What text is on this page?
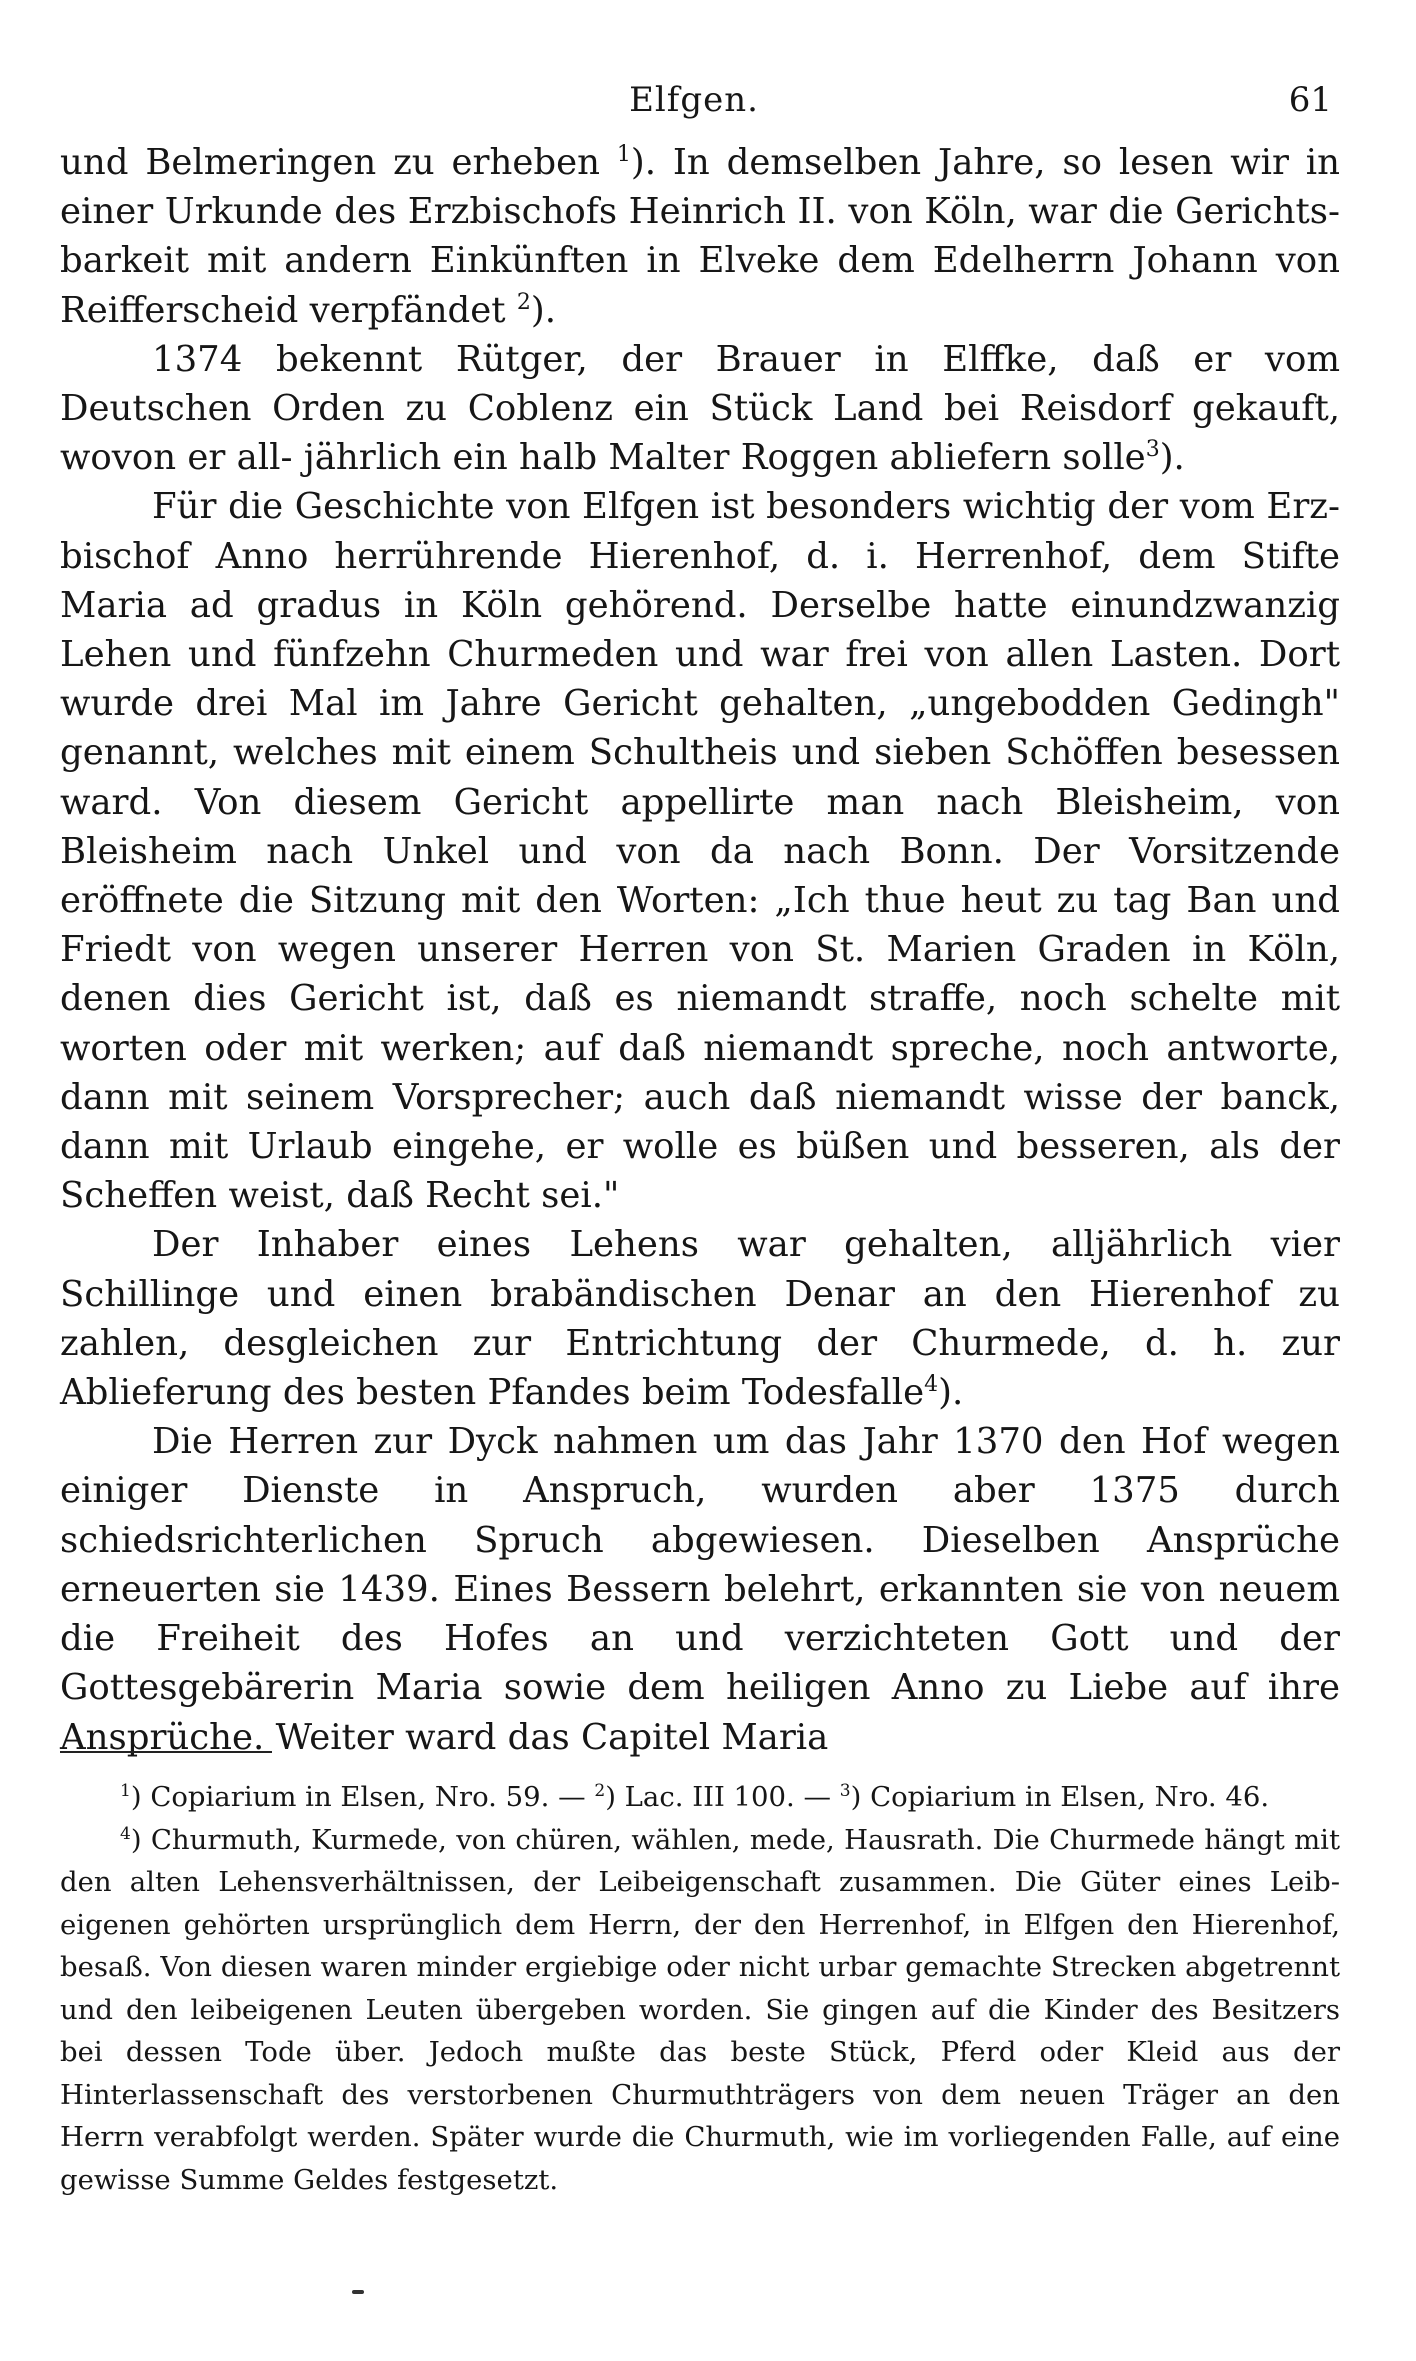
Elfgen.	61

und Belmeringen zu erheben $^1$). In demselben Jahre, so lesen wir in einer Urkunde des Erzbischofs Heinrich II. von Köln, war die Gerichts- barkeit mit andern Einkünften in Elveke dem Edelherrn Johann von Reifferscheid verpfändet $^2$).

1374 bekennt Rütger, der Brauer in Elffke, daß er vom Deutschen Orden zu Coblenz ein Stück Land bei Reisdorf gekauft, wovon er all- jährlich ein halb Malter Roggen abliefern solle$^3$).

Für die Geschichte von Elfgen ist besonders wichtig der vom Erz- bischof Anno herrührende Hierenhof, d. i. Herrenhof, dem Stifte Maria ad gradus in Köln gehörend. Derselbe hatte einundzwanzig Lehen und fünfzehn Churmeden und war frei von allen Lasten. Dort wurde drei Mal im Jahre Gericht gehalten, „ungebodden Gedingh" genannt, welches mit einem Schultheis und sieben Schöffen besessen ward. Von diesem Gericht appellirte man nach Bleisheim, von Bleisheim nach Unkel und von da nach Bonn. Der Vorsitzende eröffnete die Sitzung mit den Worten: „Ich thue heut zu tag Ban und Friedt von wegen unserer Herren von St. Marien Graden in Köln, denen dies Gericht ist, daß es niemandt straffe, noch schelte mit worten oder mit werken; auf daß niemandt spreche, noch antworte, dann mit seinem Vorsprecher; auch daß niemandt wisse der banck, dann mit Urlaub eingehe, er wolle es büßen und besseren, als der Scheffen weist, daß Recht sei."

Der Inhaber eines Lehens war gehalten, alljährlich vier Schillinge und einen brabändischen Denar an den Hierenhof zu zahlen, desgleichen zur Entrichtung der Churmede, d. h. zur Ablieferung des besten Pfandes beim Todesfalle$^4$).

Die Herren zur Dyck nahmen um das Jahr 1370 den Hof wegen einiger Dienste in Anspruch, wurden aber 1375 durch schiedsrichterlichen Spruch abgewiesen. Dieselben Ansprüche erneuerten sie 1439. Eines Bessern belehrt, erkannten sie von neuem die Freiheit des Hofes an und verzichteten Gott und der Gottesgebärerin Maria sowie dem heiligen Anno zu Liebe auf ihre Ansprüche. Weiter ward das Capitel Maria

$^1$) Copiarium in Elsen, Nro. 59. — $^2$) Lac. III 100. — $^3$) Copiarium in Elsen, Nro. 46.

$^4$) Churmuth, Kurmede, von chüren, wählen, mede, Hausrath. Die Churmede hängt mit den alten Lehensverhältnissen, der Leibeigenschaft zusammen. Die Güter eines Leib- eigenen gehörten ursprünglich dem Herrn, der den Herrenhof, in Elfgen den Hierenhof, besaß. Von diesen waren minder ergiebige oder nicht urbar gemachte Strecken abgetrennt und den leibeigenen Leuten übergeben worden. Sie gingen auf die Kinder des Besitzers bei dessen Tode über. Jedoch mußte das beste Stück, Pferd oder Kleid aus der Hinterlassenschaft des verstorbenen Churmuthträgers von dem neuen Träger an den Herrn verabfolgt werden. Später wurde die Churmuth, wie im vorliegenden Falle, auf eine gewisse Summe Geldes festgesetzt.
